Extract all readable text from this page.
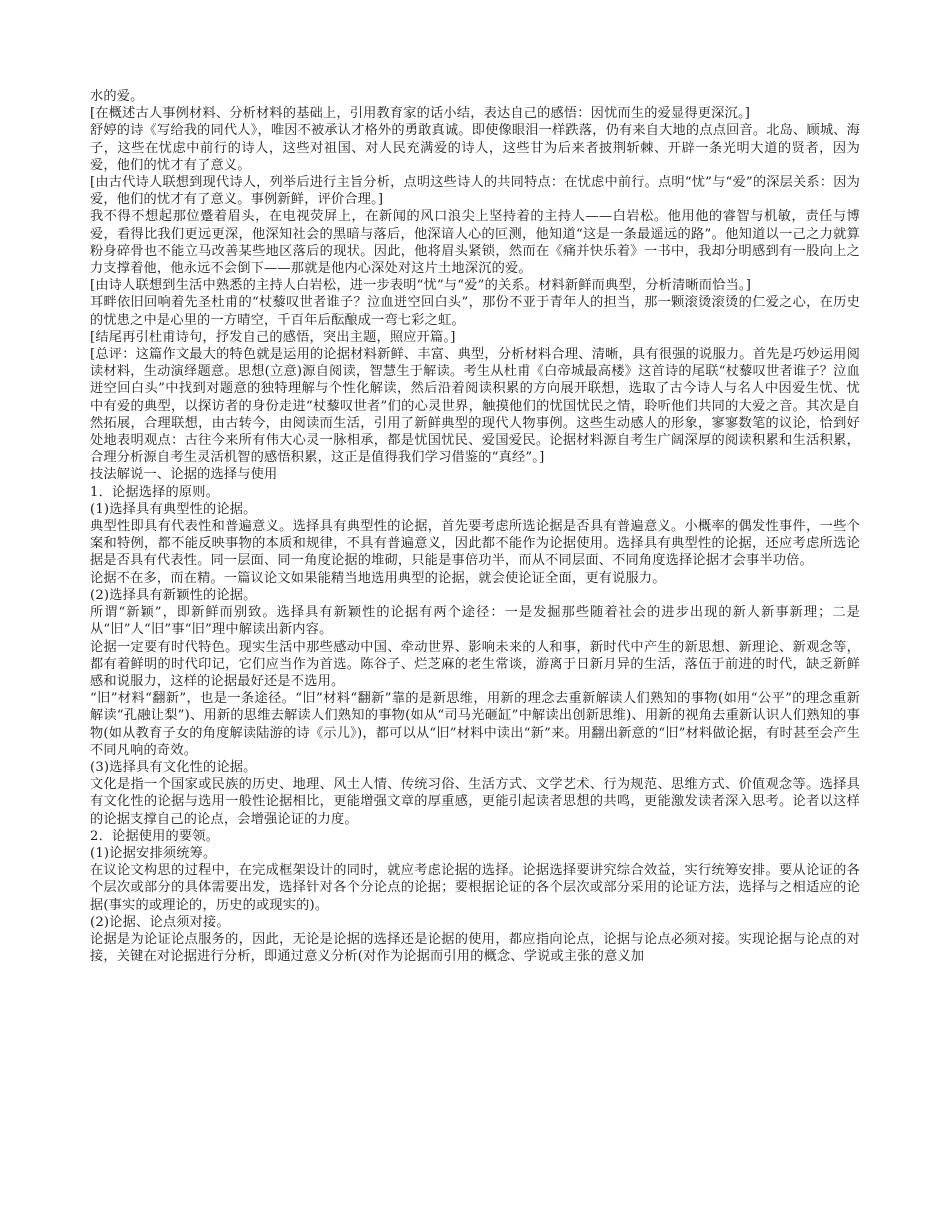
水的爱。

[在概述古人事例材料、分析材料的基础上，引用教育家的话小结，表达自己的感悟：因忧而生的爱显得更深沉。]

舒婷的诗《写给我的同代人》，唯因不被承认才格外的勇敢真诚。即使像眼泪一样跌落，仍有来自大地的点点回音。北岛、顾城、海子，这些在忧虑中前行的诗人，这些对祖国、对人民充满爱的诗人，这些甘为后来者披荆斩棘、开辟一条光明大道的贤者，因为爱，他们的忧才有了意义。

[由古代诗人联想到现代诗人，列举后进行主旨分析，点明这些诗人的共同特点：在忧虑中前行。点明“忧”与“爱”的深层关系：因为爱，他们的忧才有了意义。事例新鲜，评价合理。]

我不得不想起那位蹙着眉头，在电视荧屏上，在新闻的风口浪尖上坚持着的主持人——白岩松。他用他的睿智与机敏，责任与博爱，看得比我们更远更深，他深知社会的黑暗与落后，他深谙人心的叵测，他知道“这是一条最遥远的路”。他知道以一己之力就算粉身碎骨也不能立马改善某些地区落后的现状。因此，他将眉头紧锁，然而在《痛并快乐着》一书中，我却分明感到有一股向上之力支撑着他，他永远不会倒下——那就是他内心深处对这片土地深沉的爱。

[由诗人联想到生活中熟悉的主持人白岩松，进一步表明“忧”与“爱”的关系。材料新鲜而典型，分析清晰而恰当。]

耳畔依旧回响着先圣杜甫的“杖藜叹世者谁子？泣血迸空回白头”，那份不亚于青年人的担当，那一颗滚烫滚烫的仁爱之心，在历史的忧患之中是心里的一方晴空，千百年后酝酿成一弯七彩之虹。

[结尾再引杜甫诗句，抒发自己的感悟，突出主题，照应开篇。]

[总评：这篇作文最大的特色就是运用的论据材料新鲜、丰富、典型，分析材料合理、清晰，具有很强的说服力。首先是巧妙运用阅读材料，生动演绎题意。思想(立意)源自阅读，智慧生于解读。考生从杜甫《白帝城最高楼》这首诗的尾联“杖藜叹世者谁子？泣血迸空回白头”中找到对题意的独特理解与个性化解读，然后沿着阅读积累的方向展开联想，选取了古今诗人与名人中因爱生忧、忧中有爱的典型，以探访者的身份走进“杖藜叹世者”们的心灵世界，触摸他们的忧国忧民之情，聆听他们共同的大爱之音。其次是自然拓展，合理联想，由古转今，由阅读而生活，引用了新鲜典型的现代人物事例。这些生动感人的形象，寥寥数笔的议论，恰到好处地表明观点：古往今来所有伟大心灵一脉相承，都是忧国忧民、爱国爱民。论据材料源自考生广阔深厚的阅读积累和生活积累，合理分析源自考生灵活机智的感悟积累，这正是值得我们学习借鉴的“真经”。]

技法解说一、论据的选择与使用

1．论据选择的原则。

(1)选择具有典型性的论据。

典型性即具有代表性和普遍意义。选择具有典型性的论据，首先要考虑所选论据是否具有普遍意义。小概率的偶发性事件，一些个案和特例，都不能反映事物的本质和规律，不具有普遍意义，因此都不能作为论据使用。选择具有典型性的论据，还应考虑所选论据是否具有代表性。同一层面、同一角度论据的堆砌，只能是事倍功半，而从不同层面、不同角度选择论据才会事半功倍。

论据不在多，而在精。一篇议论文如果能精当地选用典型的论据，就会使论证全面，更有说服力。

(2)选择具有新颖性的论据。

所谓“新颖”，即新鲜而别致。选择具有新颖性的论据有两个途径：一是发掘那些随着社会的进步出现的新人新事新理；二是从“旧”人“旧”事“旧”理中解读出新内容。

论据一定要有时代特色。现实生活中那些感动中国、牵动世界、影响未来的人和事，新时代中产生的新思想、新理论、新观念等，都有着鲜明的时代印记，它们应当作为首选。陈谷子、烂芝麻的老生常谈，游离于日新月异的生活，落伍于前进的时代，缺乏新鲜感和说服力，这样的论据最好还是不选用。

“旧”材料“翻新”，也是一条途径。“旧”材料“翻新”靠的是新思维，用新的理念去重新解读人们熟知的事物(如用“公平”的理念重新解读“孔融让梨”)、用新的思维去解读人们熟知的事物(如从“司马光砸缸”中解读出创新思维)、用新的视角去重新认识人们熟知的事物(如从教育子女的角度解读陆游的诗《示儿》)，都可以从“旧”材料中读出“新”来。用翻出新意的“旧”材料做论据，有时甚至会产生不同凡响的奇效。

(3)选择具有文化性的论据。

文化是指一个国家或民族的历史、地理、风土人情、传统习俗、生活方式、文学艺术、行为规范、思维方式、价值观念等。选择具有文化性的论据与选用一般性论据相比，更能增强文章的厚重感，更能引起读者思想的共鸣，更能激发读者深入思考。论者以这样的论据支撑自己的论点，会增强论证的力度。

2．论据使用的要领。

(1)论据安排须统筹。

在议论文构思的过程中，在完成框架设计的同时，就应考虑论据的选择。论据选择要讲究综合效益，实行统筹安排。要从论证的各个层次或部分的具体需要出发，选择针对各个分论点的论据；要根据论证的各个层次或部分采用的论证方法，选择与之相适应的论据(事实的或理论的，历史的或现实的)。

(2)论据、论点须对接。

论据是为论证论点服务的，因此，无论是论据的选择还是论据的使用，都应指向论点，论据与论点必须对接。实现论据与论点的对接，关键在对论据进行分析，即通过意义分析(对作为论据而引用的概念、学说或主张的意义加
